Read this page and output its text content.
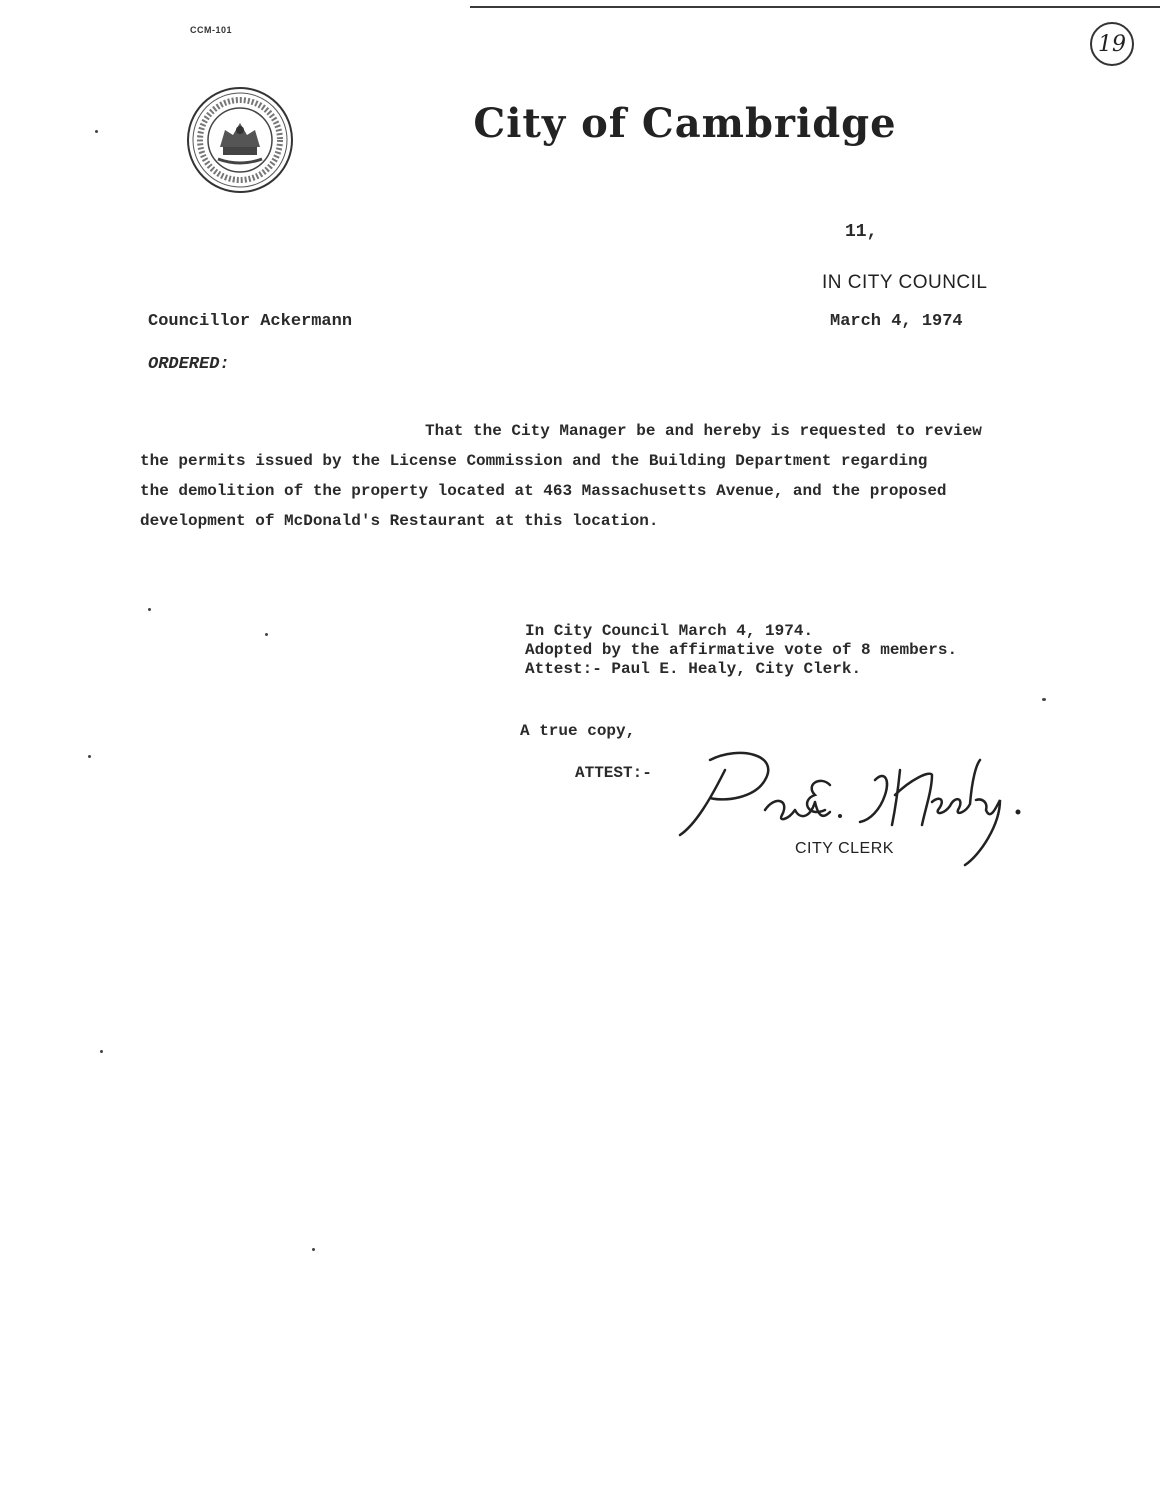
CCM-101
19
City of Cambridge
11,
IN CITY COUNCIL
March 4, 1974
Councillor Ackermann
ORDERED:
That the City Manager be and hereby is requested to review
the permits issued by the License Commission and the Building Department regarding
the demolition of the property located at 463 Massachusetts Avenue, and the proposed
development of McDonald's Restaurant at this location.
In City Council March 4, 1974.
Adopted by the affirmative vote of 8 members.
Attest:- Paul E. Healy, City Clerk.
A true copy,
ATTEST:-
CITY CLERK
